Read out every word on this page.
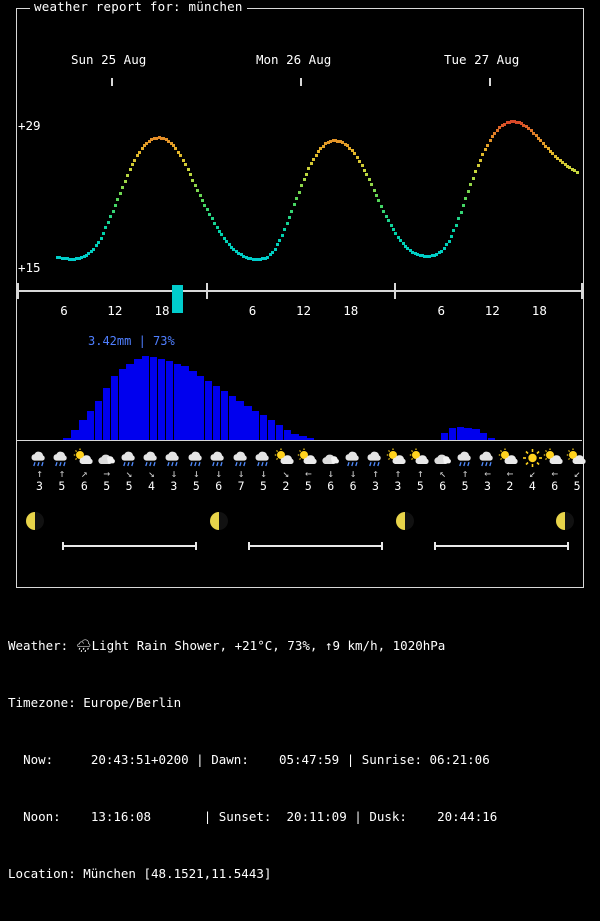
weather report for: münchen
Sun 25 Aug	Mon 26 Aug	Tue 27 Aug
+29
+15
6	12	18	6	12	18	6	12	18
3.42mm | 73%
↑
3
↑
5
↗
6
→
5
↘
5
↘
4
↓
3
↓
5
↓
6
↓
7
↓
5
↘
2
←
5
↓
6
↓
6
↑
3
↑
3
↑
5
↖
6
↑
5
←
3
←
2
↙
4
←
6
↙
5

Weather: 🌧Light Rain Shower, +21°C, 73%, ↑9 km/h, 1020hPa

Timezone: Europe/Berlin

Now:	20:43:51+0200 | Dawn: 05:47:59 | Sunrise: 06:21:06

Noon: 13:16:08       | Sunset: 20:11:09 | Dusk: 20:44:16

Location: München [48.1521,11.5443]
